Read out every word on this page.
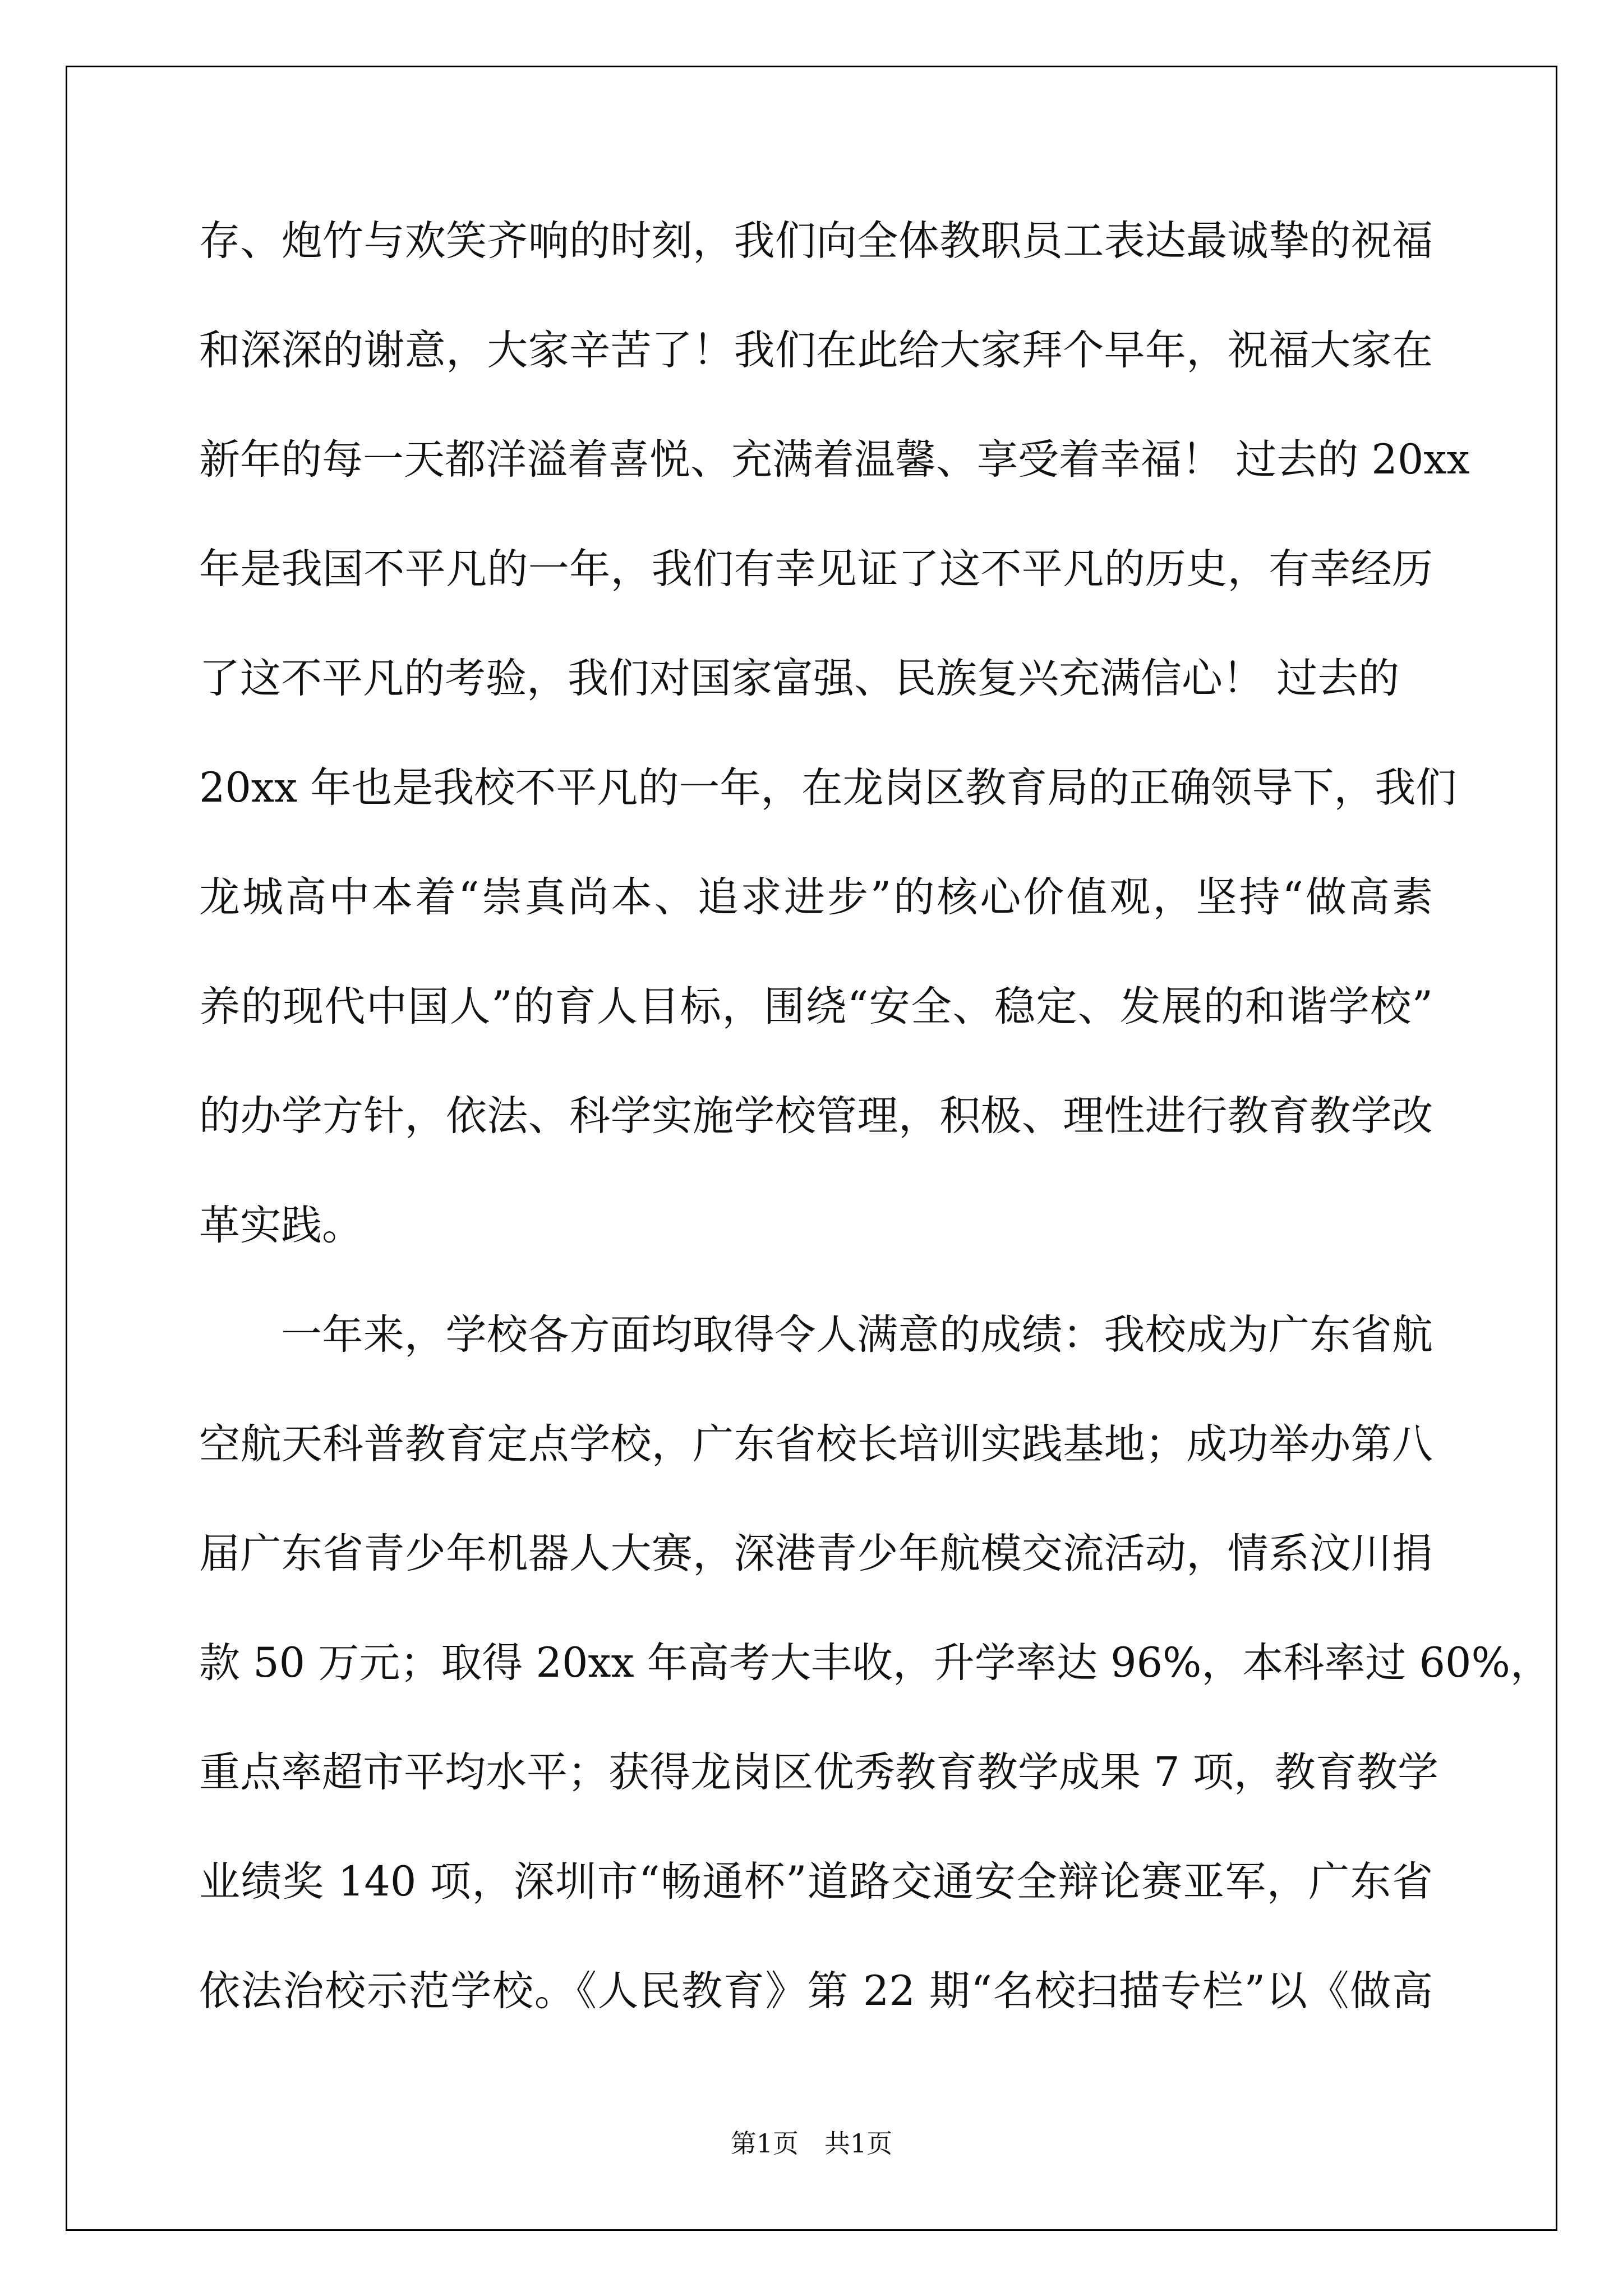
存、炮竹与欢笑齐响的时刻，我们向全体教职员工表达最诚挚的祝福
和深深的谢意，大家辛苦了！我们在此给大家拜个早年，祝福大家在
新年的每一天都洋溢着喜悦、充满着温馨、享受着幸福！ 过去的 20xx
年是我国不平凡的一年，我们有幸见证了这不平凡的历史，有幸经历
了这不平凡的考验，我们对国家富强、民族复兴充满信心！ 过去的
20xx 年也是我校不平凡的一年，在龙岗区教育局的正确领导下，我们
龙城高中本着“崇真尚本、追求进步”的核心价值观，坚持“做高素
养的现代中国人”的育人目标，围绕“安全、稳定、发展的和谐学校”
的办学方针，依法、科学实施学校管理，积极、理性进行教育教学改
革实践。
一年来，学校各方面均取得令人满意的成绩：我校成为广东省航
空航天科普教育定点学校，广东省校长培训实践基地；成功举办第八
届广东省青少年机器人大赛，深港青少年航模交流活动，情系汶川捐
款 50 万元；取得 20xx 年高考大丰收，升学率达 96%，本科率过 60%，
重点率超市平均水平；获得龙岗区优秀教育教学成果 7 项，教育教学
业绩奖 140 项，深圳市“畅通杯”道路交通安全辩论赛亚军，广东省
依法治校示范学校。《人民教育》第 22 期“名校扫描专栏”以《做高
第1页　共1页
